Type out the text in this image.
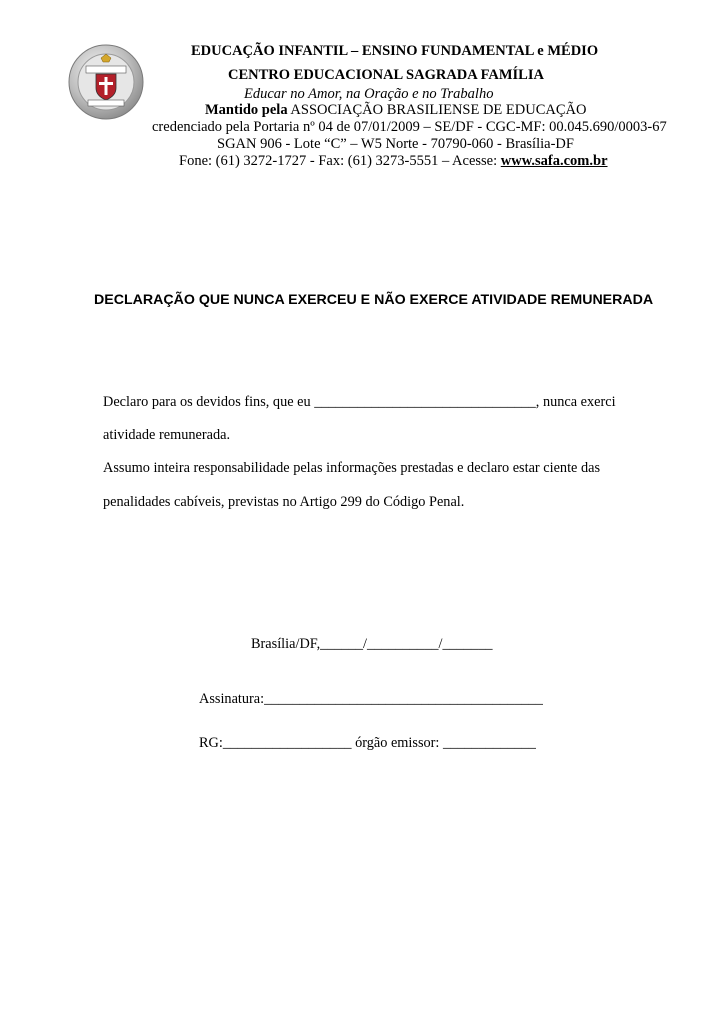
EDUCAÇÃO INFANTIL – ENSINO FUNDAMENTAL e MÉDIO
CENTRO EDUCACIONAL SAGRADA FAMÍLIA
Educar no Amor, na Oração e no Trabalho
Mantido pela ASSOCIAÇÃO BRASILIENSE DE EDUCAÇÃO
credenciado pela Portaria nº 04 de 07/01/2009 – SE/DF - CGC-MF: 00.045.690/0003-67
SGAN 906 - Lote “C” – W5 Norte - 70790-060 - Brasília-DF
Fone: (61) 3272-1727 - Fax: (61) 3273-5551 – Acesse: www.safa.com.br
DECLARAÇÃO QUE NUNCA EXERCEU E NÃO EXERCE ATIVIDADE REMUNERADA
Declaro para os devidos fins, que eu _______________________________, nunca exerci
atividade remunerada.
Assumo inteira responsabilidade pelas informações prestadas e declaro estar ciente das
penalidades cabíveis, previstas no Artigo 299 do Código Penal.
Brasília/DF,______/__________/_______
Assinatura:_______________________________________
RG:__________________ órgão emissor: _____________
